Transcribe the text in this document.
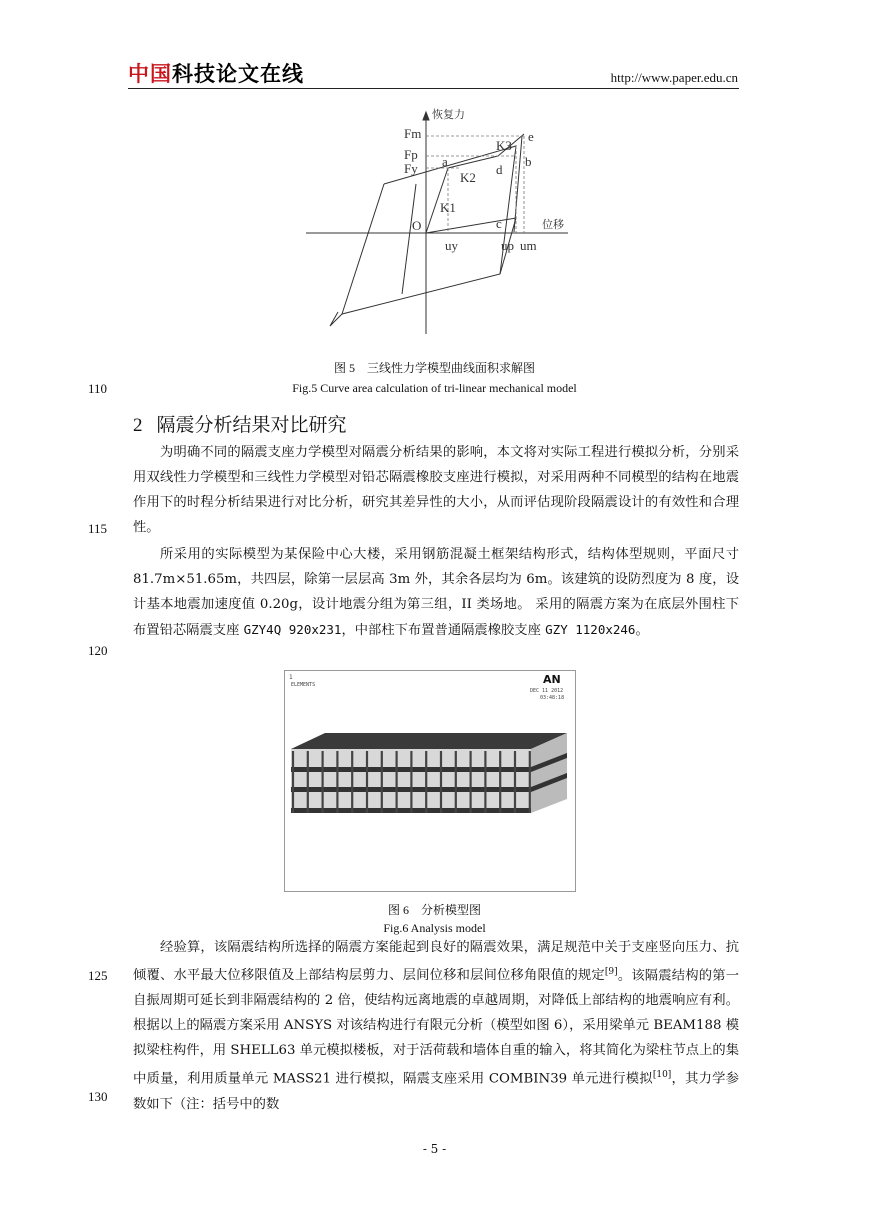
中国科技论文在线	http://www.paper.edu.cn
恢复力
位移
Fm
Fp
Fy
e
b
a
d
c
O
K1
K2
K3
uy	up um
图 5　三线性力学模型曲线面积求解图
Fig.5 Curve area calculation of tri-linear mechanical model
110
2 隔震分析结果对比研究
为明确不同的隔震支座力学模型对隔震分析结果的影响，本文将对实际工程进行模拟分析，分别采用双线性力学模型和三线性力学模型对铅芯隔震橡胶支座进行模拟，对采用两种不同模型的结构在地震作用下的时程分析结果进行对比分析，研究其差异性的大小，从而评估现阶段隔震设计的有效性和合理性。
115
所采用的实际模型为某保险中心大楼，采用钢筋混凝土框架结构形式，结构体型规则，平面尺寸 81.7m×51.65m，共四层，除第一层层高 3m 外，其余各层均为 6m。该建筑的设防烈度为 8 度，设计基本地震加速度值 0.20g，设计地震分组为第三组，II 类场地。 采用的隔震方案为在底层外围柱下布置铅芯隔震支座 GZY4Q 920x231，中部柱下布置普通隔震橡胶支座 GZY 1120x246。
120
1
ELEMENTS	AN
DEC 11 2012
03:48:18
图 6　分析模型图
Fig.6 Analysis model
经验算，该隔震结构所选择的隔震方案能起到良好的隔震效果，满足规范中关于支座竖向压力、抗倾覆、水平最大位移限值及上部结构层剪力、层间位移和层间位移角限值的规定[9]。该隔震结构的第一自振周期可延长到非隔震结构的 2 倍，使结构远离地震的卓越周期，对降低上部结构的地震响应有利。根据以上的隔震方案采用 ANSYS 对该结构进行有限元分析（模型如图 6），采用梁单元 BEAM188 模拟梁柱构件，用 SHELL63 单元模拟楼板，对于活荷载和墙体自重的输入，将其简化为梁柱节点上的集中质量，利用质量单元 MASS21 进行模拟，隔震支座采用 COMBIN39 单元进行模拟[10]，其力学参数如下（注：括号中的数
125
130
- 5 -
